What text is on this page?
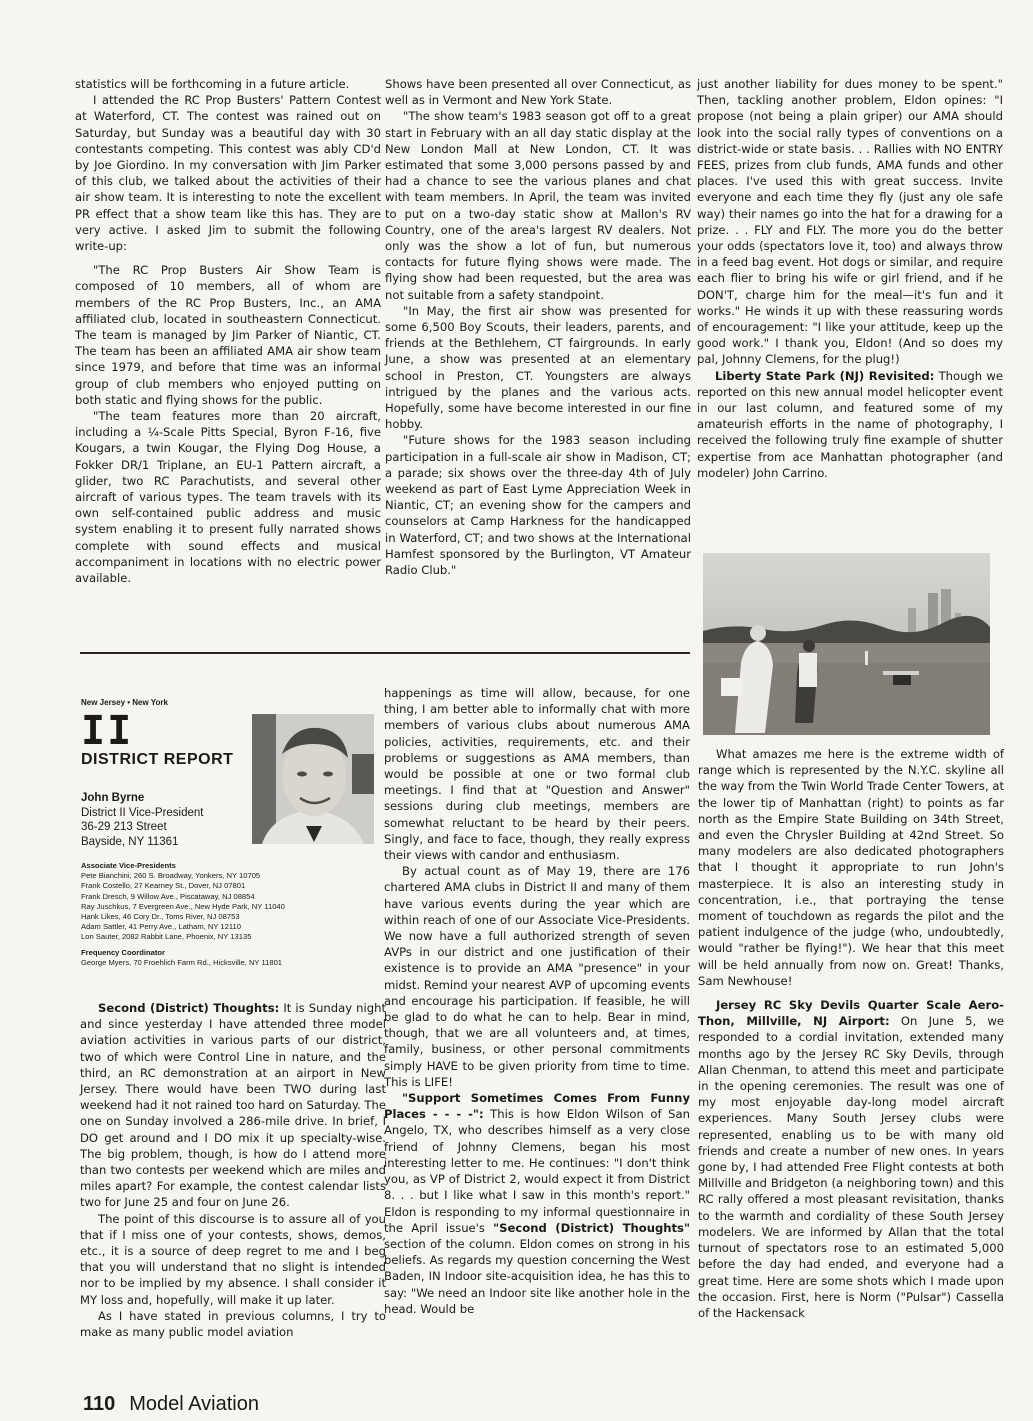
statistics will be forthcoming in a future article.

I attended the RC Prop Busters' Pattern Contest at Waterford, CT. The contest was rained out on Saturday, but Sunday was a beautiful day with 30 contestants competing. This contest was ably CD'd by Joe Giordino. In my conversation with Jim Parker of this club, we talked about the activities of their air show team. It is interesting to note the excellent PR effect that a show team like this has. They are very active. I asked Jim to submit the following write-up:

"The RC Prop Busters Air Show Team is composed of 10 members, all of whom are members of the RC Prop Busters, Inc., an AMA affiliated club, located in southeastern Connecticut. The team is managed by Jim Parker of Niantic, CT. The team has been an affiliated AMA air show team since 1979, and before that time was an informal group of club members who enjoyed putting on both static and flying shows for the public.

"The team features more than 20 aircraft, including a ¼-Scale Pitts Special, Byron F-16, five Kougars, a twin Kougar, the Flying Dog House, a Fokker DR/1 Triplane, an EU-1 Pattern aircraft, a glider, two RC Parachutists, and several other aircraft of various types. The team travels with its own self-contained public address and music system enabling it to present fully narrated shows complete with sound effects and musical accompaniment in locations with no electric power available.

Shows have been presented all over Connecticut, as well as in Vermont and New York State.

"The show team's 1983 season got off to a great start in February with an all day static display at the New London Mall at New London, CT. It was estimated that some 3,000 persons passed by and had a chance to see the various planes and chat with team members. In April, the team was invited to put on a two-day static show at Mallon's RV Country, one of the area's largest RV dealers. Not only was the show a lot of fun, but numerous contacts for future flying shows were made. The flying show had been requested, but the area was not suitable from a safety standpoint.

"In May, the first air show was presented for some 6,500 Boy Scouts, their leaders, parents, and friends at the Bethlehem, CT fairgrounds. In early June, a show was presented at an elementary school in Preston, CT. Youngsters are always intrigued by the planes and the various acts. Hopefully, some have become interested in our fine hobby.

"Future shows for the 1983 season including participation in a full-scale air show in Madison, CT; a parade; six shows over the three-day 4th of July weekend as part of East Lyme Appreciation Week in Niantic, CT; an evening show for the campers and counselors at Camp Harkness for the handicapped in Waterford, CT; and two shows at the International Hamfest sponsored by the Burlington, VT Amateur Radio Club."

just another liability for dues money to be spent." Then, tackling another problem, Eldon opines: "I propose (not being a plain griper) our AMA should look into the social rally types of conventions on a district-wide or state basis. . . Rallies with NO ENTRY FEES, prizes from club funds, AMA funds and other places. I've used this with great success. Invite everyone and each time they fly (just any ole safe way) their names go into the hat for a drawing for a prize. . . FLY and FLY. The more you do the better your odds (spectators love it, too) and always throw in a feed bag event. Hot dogs or similar, and require each flier to bring his wife or girl friend, and if he DON'T, charge him for the meal—it's fun and it works." He winds it up with these reassuring words of encouragement: "I like your attitude, keep up the good work." I thank you, Eldon! (And so does my pal, Johnny Clemens, for the plug!)

Liberty State Park (NJ) Revisited: Though we reported on this new annual model helicopter event in our last column, and featured some of my amateurish efforts in the name of photography, I received the following truly fine example of shutter expertise from ace Manhattan photographer (and modeler) John Carrino.

New Jersey • New York
II
DISTRICT REPORT
John Byrne
District II Vice-President
36-29 213 Street
Bayside, NY 11361
Associate Vice-Presidents
Pete Bianchini, 260 S. Broadway, Yonkers, NY 10705
Frank Costello, 27 Kearney St., Dover, NJ 07801
Frank Dresch, 9 Willow Ave., Piscataway, NJ 08854
Ray Juschkus, 7 Evergreen Ave., New Hyde Park, NY 11040
Hank Likes, 46 Cory Dr., Toms River, NJ 08753
Adam Sattler, 41 Perry Ave., Latham, NY 12110
Lon Sauter, 2082 Rabbit Lane, Phoenix, NY 13135
Frequency Coordinator
George Myers, 70 Froehlich Farm Rd., Hicksville, NY 11801

Second (District) Thoughts: It is Sunday night and since yesterday I have attended three model aviation activities in various parts of our district, two of which were Control Line in nature, and the third, an RC demonstration at an airport in New Jersey. There would have been TWO during last weekend had it not rained too hard on Saturday. The one on Sunday involved a 286-mile drive. In brief, I DO get around and I DO mix it up specialty-wise. The big problem, though, is how do I attend more than two contests per weekend which are miles and miles apart? For example, the contest calendar lists two for June 25 and four on June 26.

The point of this discourse is to assure all of you that if I miss one of your contests, shows, demos, etc., it is a source of deep regret to me and I beg that you will understand that no slight is intended nor to be implied by my absence. I shall consider it MY loss and, hopefully, will make it up later.

As I have stated in previous columns, I try to make as many public model aviation

happenings as time will allow, because, for one thing, I am better able to informally chat with more members of various clubs about numerous AMA policies, activities, requirements, etc. and their problems or suggestions as AMA members, than would be possible at one or two formal club meetings. I find that at "Question and Answer" sessions during club meetings, members are somewhat reluctant to be heard by their peers. Singly, and face to face, though, they really express their views with candor and enthusiasm.

By actual count as of May 19, there are 176 chartered AMA clubs in District II and many of them have various events during the year which are within reach of one of our Associate Vice-Presidents. We now have a full authorized strength of seven AVPs in our district and one justification of their existence is to provide an AMA "presence" in your midst. Remind your nearest AVP of upcoming events and encourage his participation. If feasible, he will be glad to do what he can to help. Bear in mind, though, that we are all volunteers and, at times, family, business, or other personal commitments simply HAVE to be given priority from time to time. This is LIFE!

"Support Sometimes Comes From Funny Places - - - -": This is how Eldon Wilson of San Angelo, TX, who describes himself as a very close friend of Johnny Clemens, began his most interesting letter to me. He continues: "I don't think you, as VP of District 2, would expect it from District 8. . . but I like what I saw in this month's report." Eldon is responding to my informal questionnaire in the April issue's "Second (District) Thoughts" section of the column. Eldon comes on strong in his beliefs. As regards my question concerning the West Baden, IN Indoor site-acquisition idea, he has this to say: "We need an Indoor site like another hole in the head. Would be

What amazes me here is the extreme width of range which is represented by the N.Y.C. skyline all the way from the Twin World Trade Center Towers, at the lower tip of Manhattan (right) to points as far north as the Empire State Building on 34th Street, and even the Chrysler Building at 42nd Street. So many modelers are also dedicated photographers that I thought it appropriate to run John's masterpiece. It is also an interesting study in concentration, i.e., that portraying the tense moment of touchdown as regards the pilot and the patient indulgence of the judge (who, undoubtedly, would "rather be flying!"). We hear that this meet will be held annually from now on. Great! Thanks, Sam Newhouse!

Jersey RC Sky Devils Quarter Scale Aero-Thon, Millville, NJ Airport: On June 5, we responded to a cordial invitation, extended many months ago by the Jersey RC Sky Devils, through Allan Chenman, to attend this meet and participate in the opening ceremonies. The result was one of my most enjoyable day-long model aircraft experiences. Many South Jersey clubs were represented, enabling us to be with many old friends and create a number of new ones. In years gone by, I had attended Free Flight contests at both Millville and Bridgeton (a neighboring town) and this RC rally offered a most pleasant revisitation, thanks to the warmth and cordiality of these South Jersey modelers. We are informed by Allan that the total turnout of spectators rose to an estimated 5,000 before the day had ended, and everyone had a great time. Here are some shots which I made upon the occasion. First, here is Norm ("Pulsar") Cassella of the Hackensack

110 Model Aviation
